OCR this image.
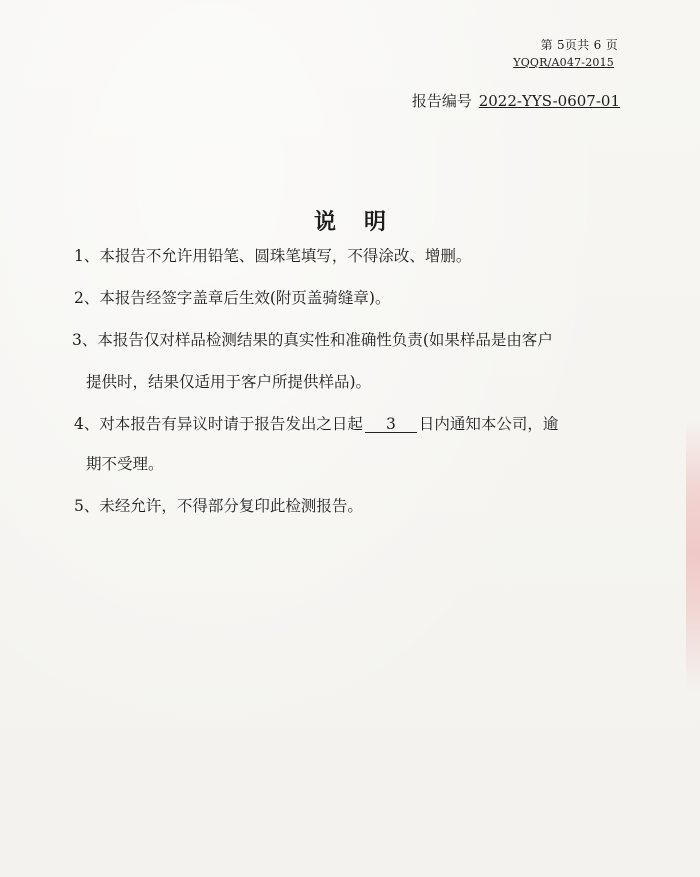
第 5页共 6 页
YQQR/A047-2015
报告编号 2022-YYS-0607-01
说明
1、本报告不允许用铅笔、圆珠笔填写，不得涂改、增删。
2、本报告经签字盖章后生效(附页盖骑缝章)。
3、本报告仅对样品检测结果的真实性和准确性负责(如果样品是由客户
提供时，结果仅适用于客户所提供样品)。
4、对本报告有异议时请于报告发出之日起 3 日内通知本公司，逾
期不受理。
5、未经允许，不得部分复印此检测报告。
